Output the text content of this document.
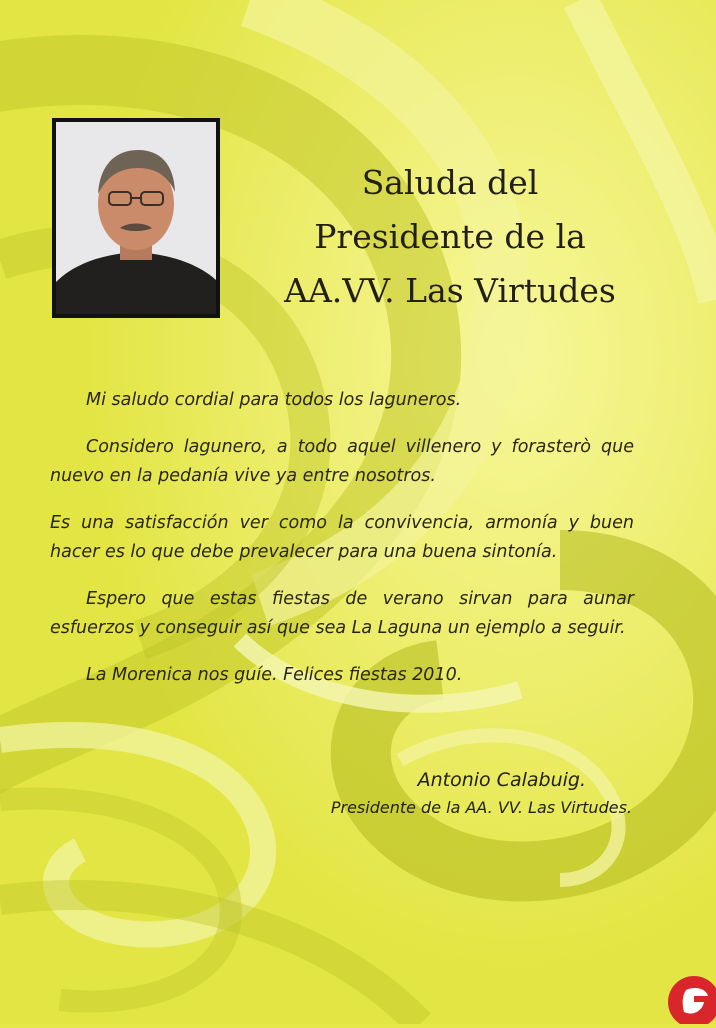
Saluda del
Presidente de la
AA.VV. Las Virtudes

Mi saludo cordial para todos los laguneros.

Considero lagunero, a todo aquel villenero y forasterò que nuevo en la pedanía vive ya entre nosotros.

Es una satisfacción ver como la convivencia, armonía y buen hacer es lo que debe prevalecer para una buena sintonía.

Espero que estas fiestas de verano sirvan para aunar esfuerzos y conseguir así que sea La Laguna un ejemplo a seguir.

La Morenica nos guíe. Felices fiestas 2010.

Antonio Calabuig.
Presidente de la AA. VV. Las Virtudes.
